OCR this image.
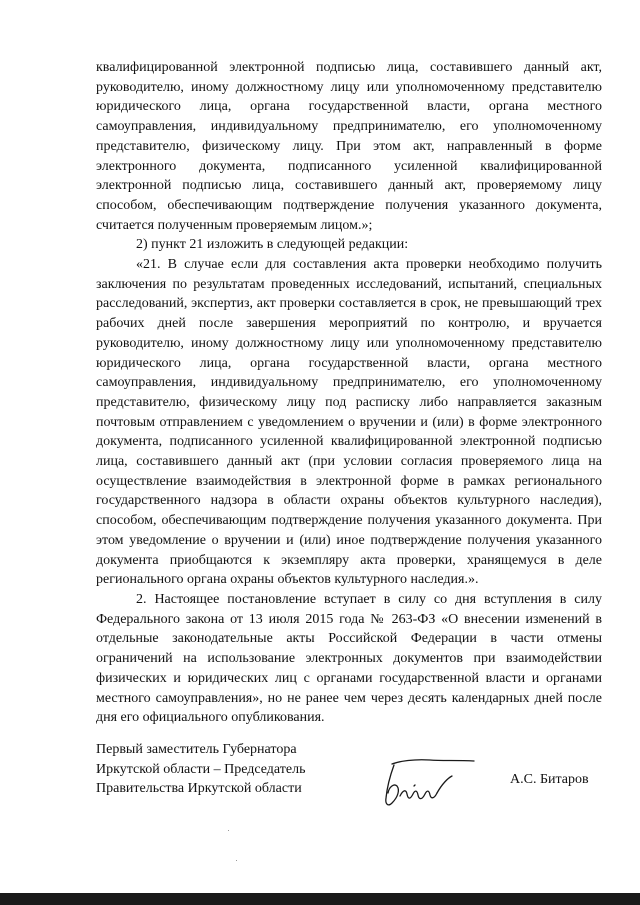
квалифицированной электронной подписью лица, составившего данный акт, руководителю, иному должностному лицу или уполномоченному представителю юридического лица, органа государственной власти, органа местного самоуправления, индивидуальному предпринимателю, его уполномоченному представителю, физическому лицу. При этом акт, направленный в форме электронного документа, подписанного усиленной квалифицированной электронной подписью лица, составившего данный акт, проверяемому лицу способом, обеспечивающим подтверждение получения указанного документа, считается полученным проверяемым лицом.»;

2) пункт 21 изложить в следующей редакции:

«21. В случае если для составления акта проверки необходимо получить заключения по результатам проведенных исследований, испытаний, специальных расследований, экспертиз, акт проверки составляется в срок, не превышающий трех рабочих дней после завершения мероприятий по контролю, и вручается руководителю, иному должностному лицу или уполномоченному представителю юридического лица, органа государственной власти, органа местного самоуправления, индивидуальному предпринимателю, его уполномоченному представителю, физическому лицу под расписку либо направляется заказным почтовым отправлением с уведомлением о вручении и (или) в форме электронного документа, подписанного усиленной квалифицированной электронной подписью лица, составившего данный акт (при условии согласия проверяемого лица на осуществление взаимодействия в электронной форме в рамках регионального государственного надзора в области охраны объектов культурного наследия), способом, обеспечивающим подтверждение получения указанного документа. При этом уведомление о вручении и (или) иное подтверждение получения указанного документа приобщаются к экземпляру акта проверки, хранящемуся в деле регионального органа охраны объектов культурного наследия.».

2. Настоящее постановление вступает в силу со дня вступления в силу Федерального закона от 13 июля 2015 года № 263-ФЗ «О внесении изменений в отдельные законодательные акты Российской Федерации в части отмены ограничений на использование электронных документов при взаимодействии физических и юридических лиц с органами государственной власти и органами местного самоуправления», но не ранее чем через десять календарных дней после дня его официального опубликования.

Первый заместитель Губернатора
Иркутской области – Председатель
Правительства Иркутской области
А.С. Битаров
